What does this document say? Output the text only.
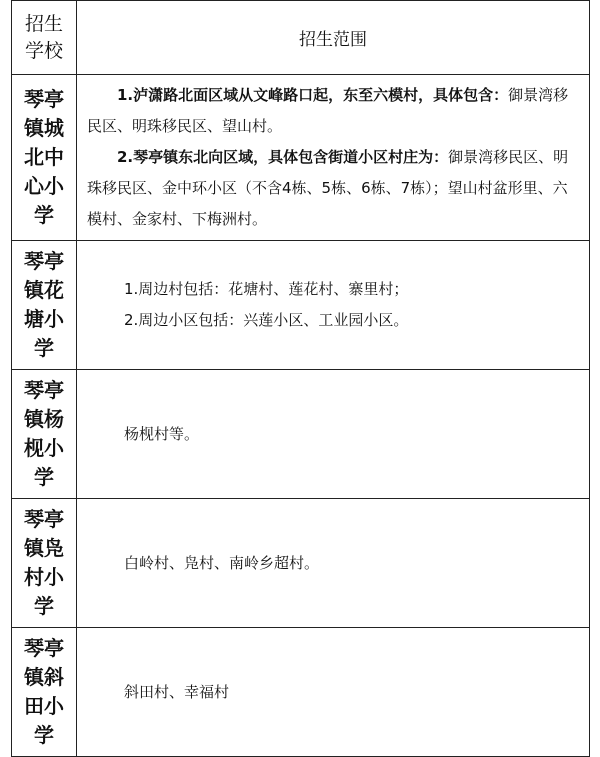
招生学校	招生范围

琴亭镇城北中心小学	1.泸潇路北面区域从文峰路口起，东至六模村，具体包含：御景湾移民区、明珠移民区、望山村。

2.琴亭镇东北向区域，具体包含街道小区村庄为：御景湾移民区、明珠移民区、金中环小区（不含4栋、5栋、6栋、7栋）；望山村盆形里、六模村、金家村、下梅洲村。

琴亭镇花塘小学	1.周边村包括：花塘村、莲花村、寨里村；

2.周边小区包括：兴莲小区、工业园小区。

琴亭镇杨枧小学	杨枧村等。

琴亭镇凫村小学	白岭村、凫村、南岭乡超村。

琴亭镇斜田小学	斜田村、幸福村
